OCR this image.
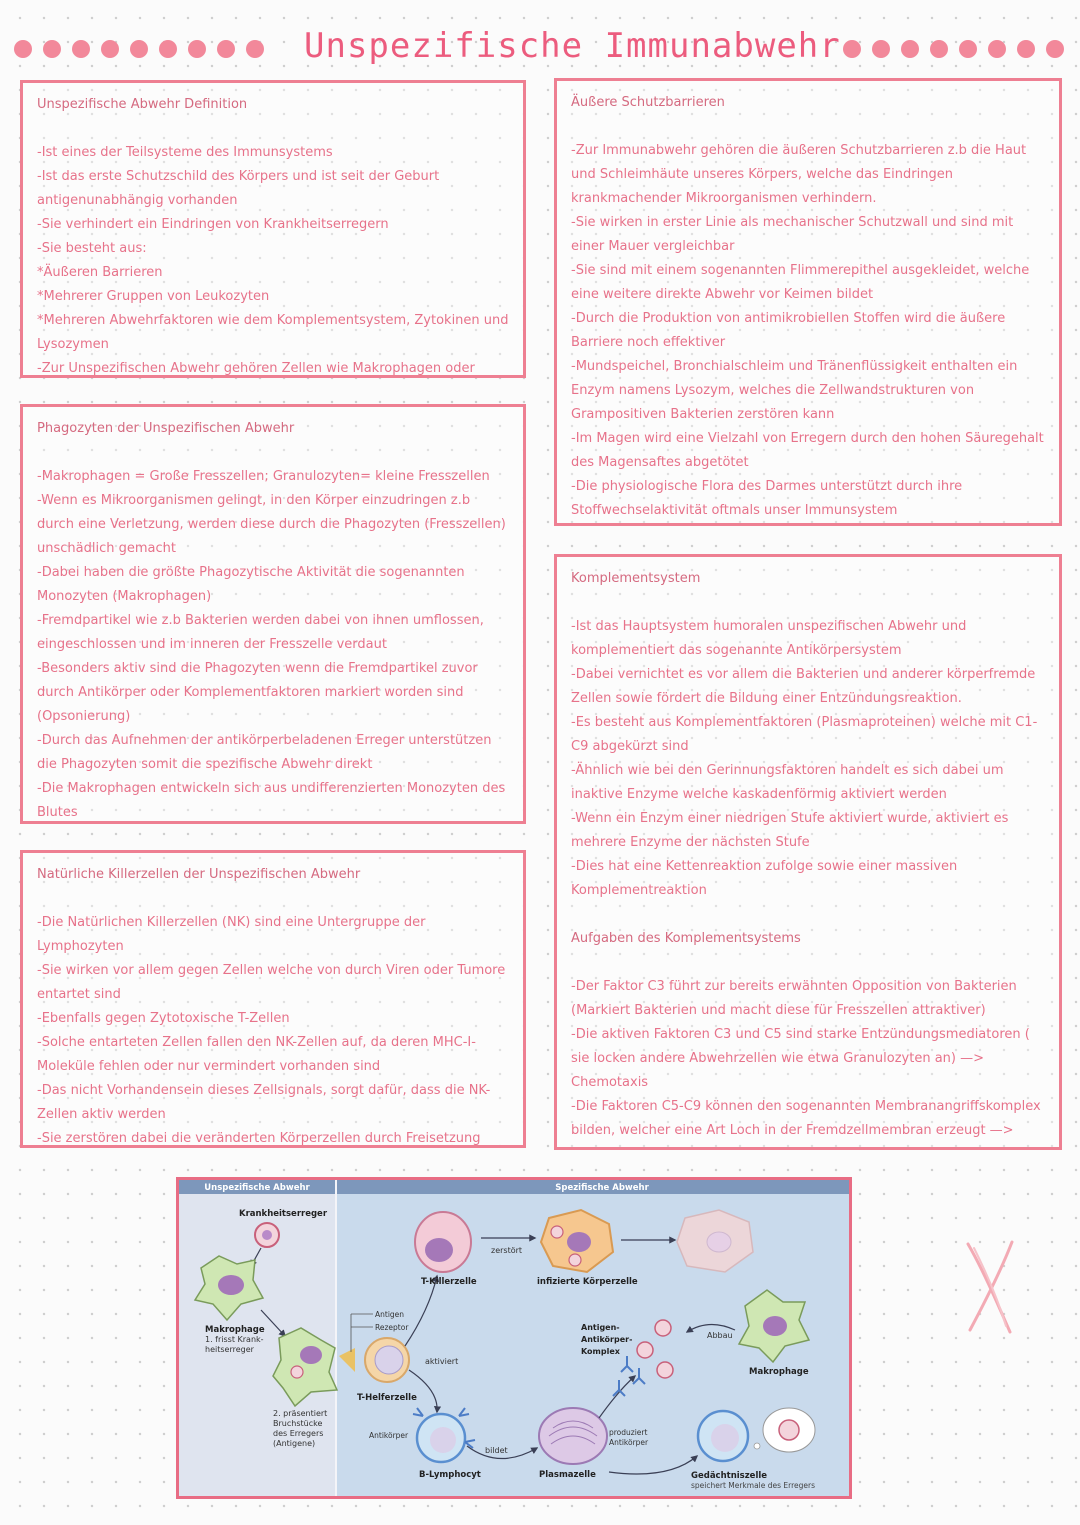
Unspezifische Immunabwehr
Unspezifische Abwehr Definition
-Ist eines der Teilsysteme des Immunsystems
-Ist das erste Schutzschild des Körpers und ist seit der Geburt antigenunabhängig vorhanden
-Sie verhindert ein Eindringen von Krankheitserregern
-Sie besteht aus:
*Äußeren Barrieren
*Mehrerer Gruppen von Leukozyten
*Mehreren Abwehrfaktoren wie dem Komplementsystem, Zytokinen und Lysozymen
-Zur Unspezifischen Abwehr gehören Zellen wie Makrophagen oder
Äußere Schutzbarrieren
-Zur Immunabwehr gehören die äußeren Schutzbarrieren z.b die Haut und Schleimhäute unseres Körpers, welche das Eindringen krankmachender Mikroorganismen verhindern.
-Sie wirken in erster Linie als mechanischer Schutzwall und sind mit einer Mauer vergleichbar
-Sie sind mit einem sogenannten Flimmerepithel ausgekleidet, welche eine weitere direkte Abwehr vor Keimen bildet
-Durch die Produktion von antimikrobiellen Stoffen wird die äußere Barriere noch effektiver
-Mundspeichel, Bronchialschleim und Tränenflüssigkeit enthalten ein Enzym namens Lysozym, welches die Zellwandstrukturen von Grampositiven Bakterien zerstören kann
-Im Magen wird eine Vielzahl von Erregern durch den hohen Säuregehalt des Magensaftes abgetötet
-Die physiologische Flora des Darmes unterstützt durch ihre Stoffwechselaktivität oftmals unser Immunsystem
Phagozyten der Unspezifischen Abwehr
-Makrophagen = Große Fresszellen; Granulozyten= kleine Fresszellen
-Wenn es Mikroorganismen gelingt, in den Körper einzudringen z.b durch eine Verletzung, werden diese durch die Phagozyten (Fresszellen) unschädlich gemacht
-Dabei haben die größte Phagozytische Aktivität die sogenannten Monozyten (Makrophagen)
-Fremdpartikel wie z.b Bakterien werden dabei von ihnen umflossen, eingeschlossen und im inneren der Fresszelle verdaut
-Besonders aktiv sind die Phagozyten wenn die Fremdpartikel zuvor durch Antikörper oder Komplementfaktoren markiert worden sind (Opsonierung)
-Durch das Aufnehmen der antikörperbeladenen Erreger unterstützen die Phagozyten somit die spezifische Abwehr direkt
-Die Makrophagen entwickeln sich aus undifferenzierten Monozyten des Blutes
Komplementsystem
-Ist das Hauptsystem humoralen unspezifischen Abwehr und komplementiert das sogenannte Antikörpersystem
-Dabei vernichtet es vor allem die Bakterien und anderer körperfremde Zellen sowie fördert die Bildung einer Entzündungsreaktion.
-Es besteht aus Komplementfaktoren (Plasmaproteinen) welche mit C1-C9 abgekürzt sind
-Ähnlich wie bei den Gerinnungsfaktoren handelt es sich dabei um inaktive Enzyme welche kaskadenförmig aktiviert werden
-Wenn ein Enzym einer niedrigen Stufe aktiviert wurde, aktiviert es mehrere Enzyme der nächsten Stufe
-Dies hat eine Kettenreaktion zufolge sowie einer massiven Komplementreaktion
Aufgaben des Komplementsystems
-Der Faktor C3 führt zur bereits erwähnten Opposition von Bakterien (Markiert Bakterien und macht diese für Fresszellen attraktiver)
-Die aktiven Faktoren C3 und C5 sind starke Entzündungsmediatoren ( sie locken andere Abwehrzellen wie etwa Granulozyten an) —> Chemotaxis
-Die Faktoren C5-C9 können den sogenannten Membranangriffskomplex bilden, welcher eine Art Loch in der Fremdzellmembran erzeugt —>
Natürliche Killerzellen der Unspezifischen Abwehr
-Die Natürlichen Killerzellen (NK) sind eine Untergruppe der Lymphozyten
-Sie wirken vor allem gegen Zellen welche von durch Viren oder Tumore entartet sind
-Ebenfalls gegen Zytotoxische T-Zellen
-Solche entarteten Zellen fallen den NK-Zellen auf, da deren MHC-I-Moleküle fehlen oder nur vermindert vorhanden sind
-Das nicht Vorhandensein dieses Zellsignals, sorgt dafür, dass die NK-Zellen aktiv werden
-Sie zerstören dabei die veränderten Körperzellen durch Freisetzung
Unspezifische Abwehr	Spezifische Abwehr
Krankheitserreger
Makrophage
1. frisst Krank-
heitserreger
2. präsentiert
Bruchstücke
des Erregers
(Antigene)
Antigen
Rezeptor
T-Helferzelle
aktiviert
T-Killerzelle
zerstört
infizierte Körperzelle
Antikörper
B-Lymphocyt
bildet
Plasmazelle
produziert
Antikörper
Antigen-
Antikörper-
Komplex
Abbau
Makrophage
Gedächtniszelle
speichert Merkmale des Erregers
